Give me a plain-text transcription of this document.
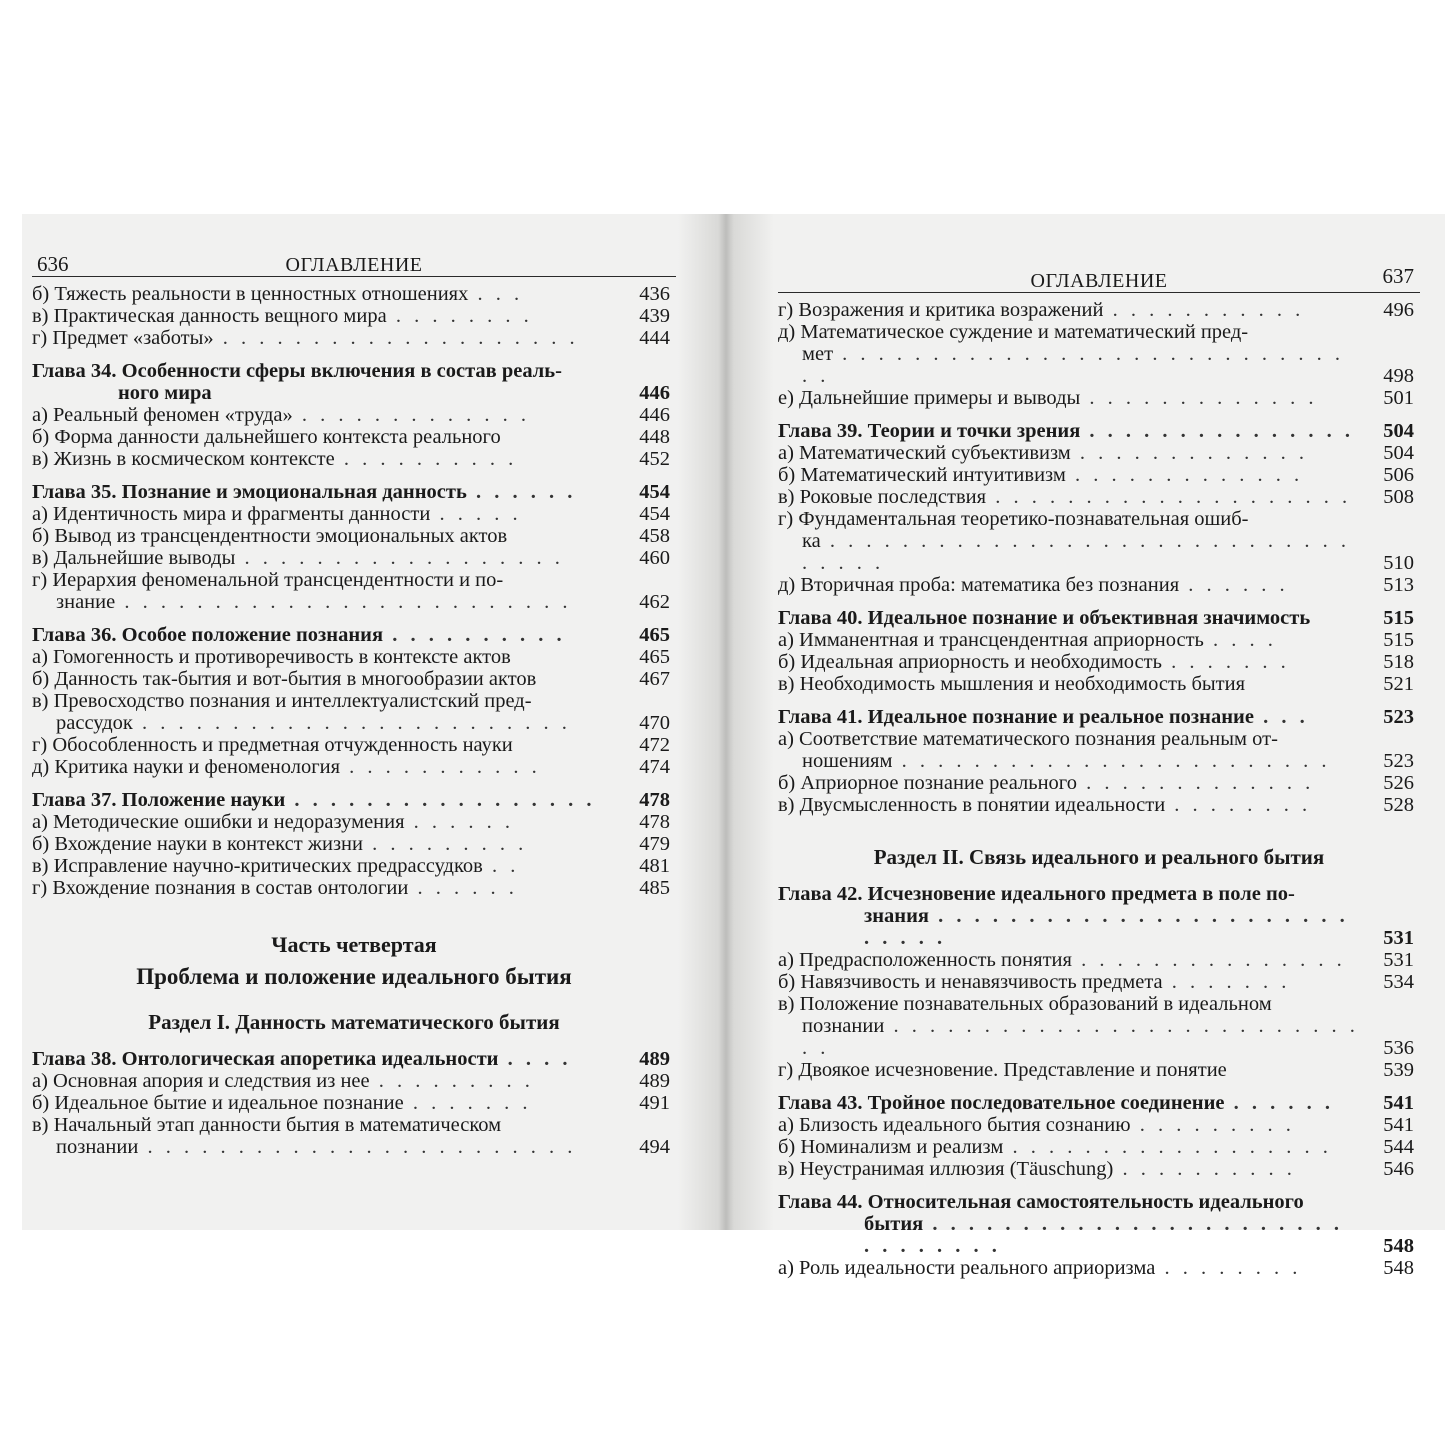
636	ОГЛАВЛЕНИЕ
б) Тяжесть реальности в ценностных отношениях . . .	436
в) Практическая данность вещного мира . . . . . . . .	439
г) Предмет «заботы» . . . . . . . . . . . . . . . . . . . .	444
Глава 34. Особенности сферы включения в состав реаль-
ного мира	446
а) Реальный феномен «труда» . . . . . . . . . . . . .	446
б) Форма данности дальнейшего контекста реального	448
в) Жизнь в космическом контексте . . . . . . . . . .	452
Глава 35. Познание и эмоциональная данность . . . . . .	454
а) Идентичность мира и фрагменты данности . . . . .	454
б) Вывод из трансцендентности эмоциональных актов	458
в) Дальнейшие выводы . . . . . . . . . . . . . . . . . .	460
г) Иерархия феноменальной трансцендентности и по-
знание . . . . . . . . . . . . . . . . . . . . . . . . .	462
Глава 36. Особое положение познания . . . . . . . . . .	465
а) Гомогенность и противоречивость в контексте актов	465
б) Данность так-бытия и вот-бытия в многообразии актов	467
в) Превосходство познания и интеллектуалистский пред-
рассудок . . . . . . . . . . . . . . . . . . . . . . . .	470
г) Обособленность и предметная отчужденность науки	472
д) Критика науки и феноменология . . . . . . . . . . .	474
Глава 37. Положение науки . . . . . . . . . . . . . . . . .	478
а) Методические ошибки и недоразумения . . . . . .	478
б) Вхождение науки в контекст жизни . . . . . . . . .	479
в) Исправление научно-критических предрассудков . .	481
г) Вхождение познания в состав онтологии . . . . . .	485
Часть четвертая
Проблема и положение идеального бытия
Раздел I. Данность математического бытия
Глава 38. Онтологическая апоретика идеальности . . . .	489
а) Основная апория и следствия из нее . . . . . . . . .	489
б) Идеальное бытие и идеальное познание . . . . . . .	491
в) Начальный этап данности бытия в математическом
познании . . . . . . . . . . . . . . . . . . . . . . . .	494
ОГЛАВЛЕНИЕ	637
г) Возражения и критика возражений . . . . . . . . . . .	496
д) Математическое суждение и математический пред-
мет . . . . . . . . . . . . . . . . . . . . . . . . . . . . . .	498
е) Дальнейшие примеры и выводы . . . . . . . . . . . . .	501
Глава 39. Теории и точки зрения . . . . . . . . . . . . . . .	504
а) Математический субъективизм . . . . . . . . . . . . .	504
б) Математический интуитивизм . . . . . . . . . . . . .	506
в) Роковые последствия . . . . . . . . . . . . . . . . . . . .	508
г) Фундаментальная теоретико-познавательная ошиб-
ка . . . . . . . . . . . . . . . . . . . . . . . . . . . . . . . . . .	510
д) Вторичная проба: математика без познания . . . . . .	513
Глава 40. Идеальное познание и объективная значимость	515
а) Имманентная и трансцендентная априорность . . . .	515
б) Идеальная априорность и необходимость . . . . . . .	518
в) Необходимость мышления и необходимость бытия	521
Глава 41. Идеальное познание и реальное познание . . .	523
а) Соответствие математического познания реальным от-
ношениям . . . . . . . . . . . . . . . . . . . . . . . .	523
б) Априорное познание реального . . . . . . . . . . . . .	526
в) Двусмысленность в понятии идеальности . . . . . . . .	528
Раздел II. Связь идеального и реального бытия
Глава 42. Исчезновение идеального предмета в поле по-
знания . . . . . . . . . . . . . . . . . . . . . . . . . . . .	531
а) Предрасположенность понятия . . . . . . . . . . . . . . .	531
б) Навязчивость и ненавязчивость предмета . . . . . . .	534
в) Положение познавательных образований в идеальном
познании . . . . . . . . . . . . . . . . . . . . . . . . . . . .	536
г) Двоякое исчезновение. Представление и понятие	539
Глава 43. Тройное последовательное соединение . . . . . .	541
а) Близость идеального бытия сознанию . . . . . . . . .	541
б) Номинализм и реализм . . . . . . . . . . . . . . . . . .	544
в) Неустранимая иллюзия (Täuschung) . . . . . . . . . .	546
Глава 44. Относительная самостоятельность идеального
бытия . . . . . . . . . . . . . . . . . . . . . . . . . . . . . . .	548
а) Роль идеальности реального априоризма . . . . . . . .	548
